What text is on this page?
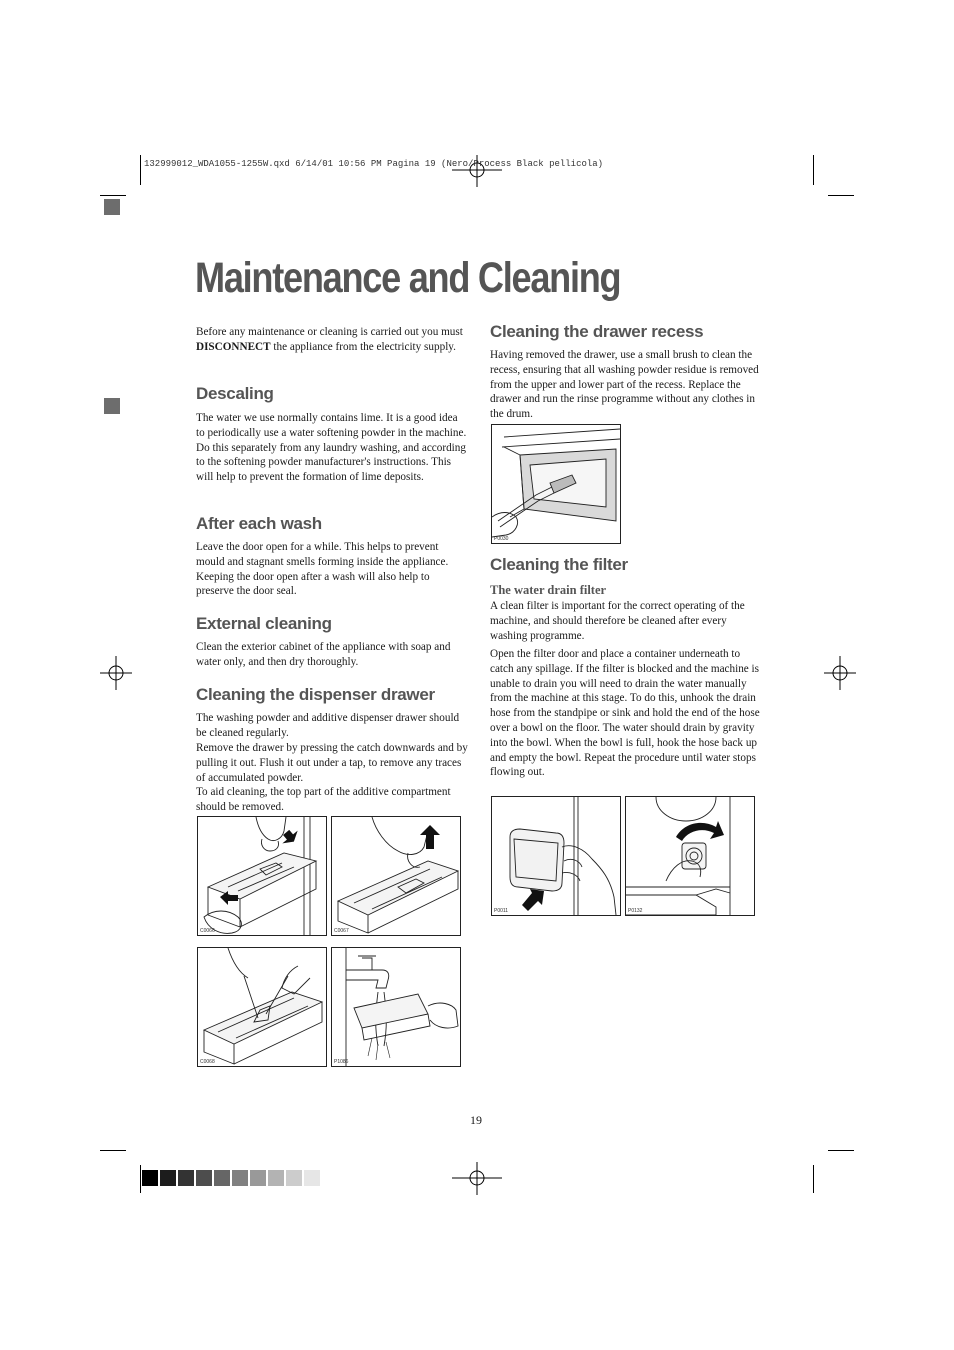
132999012_WDA1055-1255W.qxd 6/14/01 10:56 PM Pagina 19 (Nero/Process Black pellicola)
Maintenance and Cleaning

Before any maintenance or cleaning is carried out you must DISCONNECT the appliance from the electricity supply.

Descaling

The water we use normally contains lime. It is a good idea to periodically use a water softening powder in the machine. Do this separately from any laundry washing, and according to the softening powder manufacturer's instructions. This will help to prevent the formation of lime deposits.

After each wash

Leave the door open for a while. This helps to prevent mould and stagnant smells forming inside the appliance. Keeping the door open after a wash will also help to preserve the door seal.

External cleaning

Clean the exterior cabinet of the appliance with soap and water only, and then dry thoroughly.

Cleaning the dispenser drawer

The washing powder and additive dispenser drawer should be cleaned regularly.

Remove the drawer by pressing the catch downwards and by pulling it out. Flush it out under a tap, to remove any traces of accumulated powder.

To aid cleaning, the top part of the additive compartment should be removed.

C0066	C0067
C0068	P1086
Cleaning the drawer recess

Having removed the drawer, use a small brush to clean the recess, ensuring that all washing powder residue is removed from the upper and lower part of the recess. Replace the drawer and run the rinse programme without any clothes in the drum.

P0030
Cleaning the filter
The water drain filter

A clean filter is important for the correct operating of the machine, and should therefore be cleaned after every washing programme.

Open the filter door and place a container underneath to catch any spillage. If the filter is blocked and the machine is unable to drain you will need to drain the water manually from the machine at this stage. To do this, unhook the drain hose from the standpipe or sink and hold the end of the hose over a bowl on the floor. The water should drain by gravity into the bowl. When the bowl is full, hook the hose back up and empty the bowl. Repeat the procedure until water stops flowing out.

P0011	P0132
19
